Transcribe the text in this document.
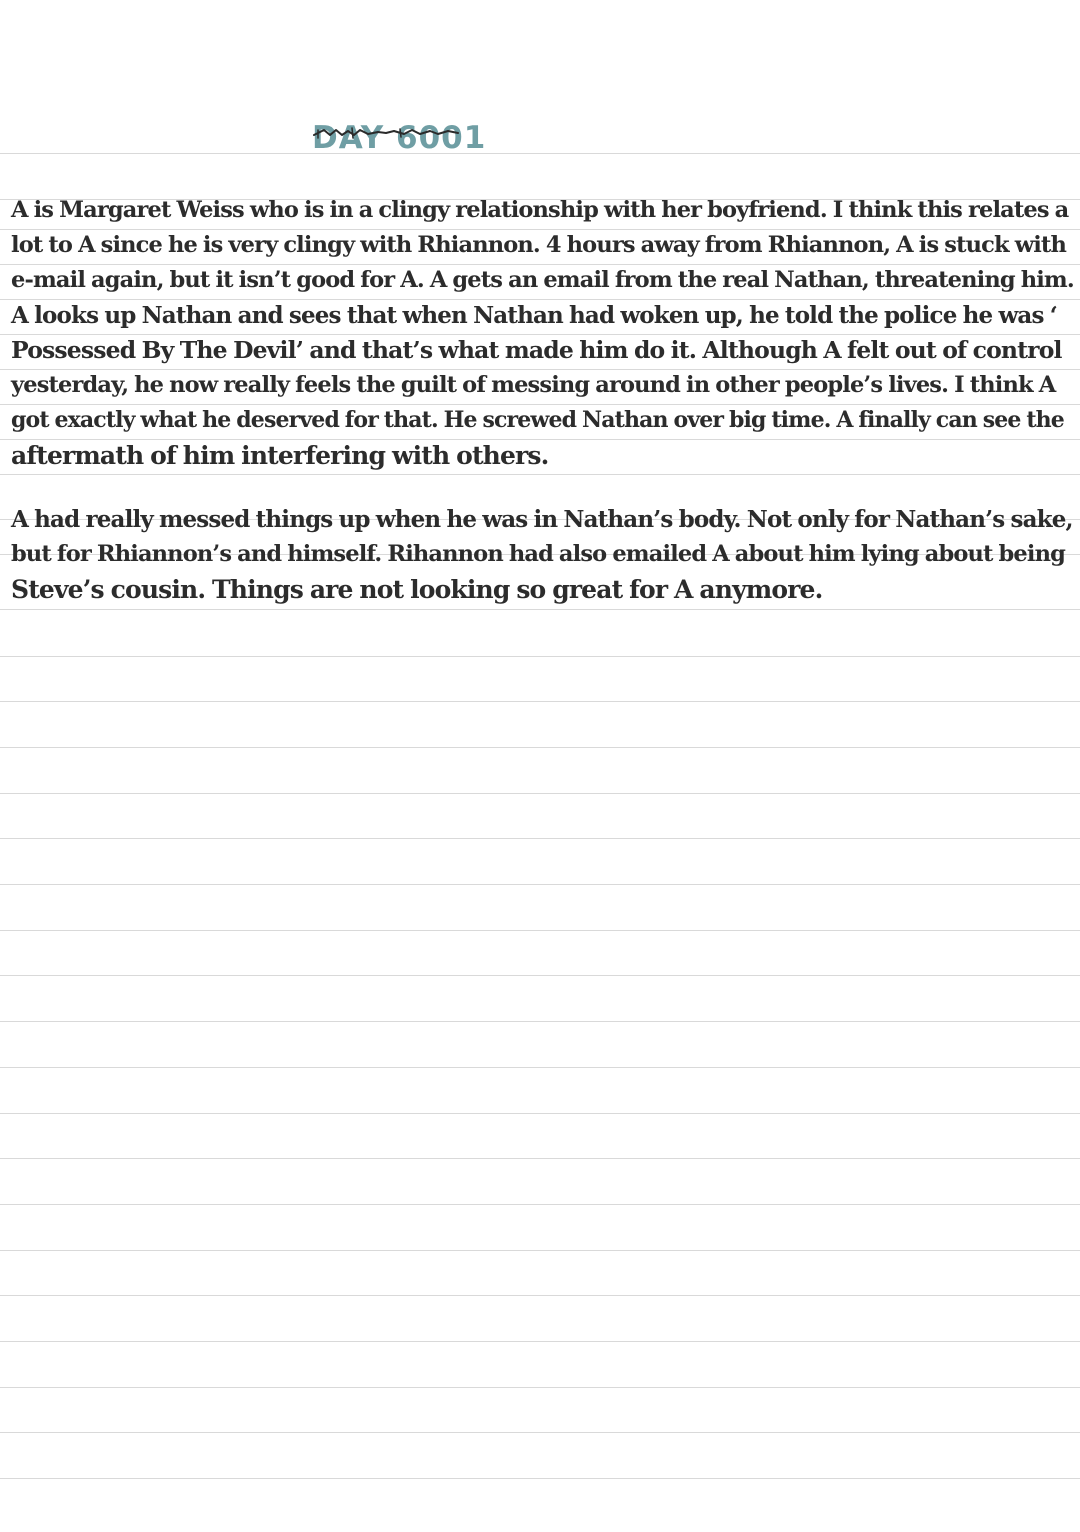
DAY 6001
A is Margaret Weiss who is in a clingy relationship with her boyfriend. I think this relates a
lot to A since he is very clingy with Rhiannon. 4 hours away from Rhiannon, A is stuck with
e-mail again, but it isn’t good for A. A gets an email from the real Nathan, threatening him.
A looks up Nathan and sees that when Nathan had woken up, he told the police he was ‘
Possessed By The Devil’ and that’s what made him do it. Although A felt out of control
yesterday, he now really feels the guilt of messing around in other people’s lives. I think A
got exactly what he deserved for that. He screwed Nathan over big time. A finally can see the
aftermath of him interfering with others.
A had really messed things up when he was in Nathan’s body. Not only for Nathan’s sake,
but for Rhiannon’s and himself. Rihannon had also emailed A about him lying about being
Steve’s cousin. Things are not looking so great for A anymore.
